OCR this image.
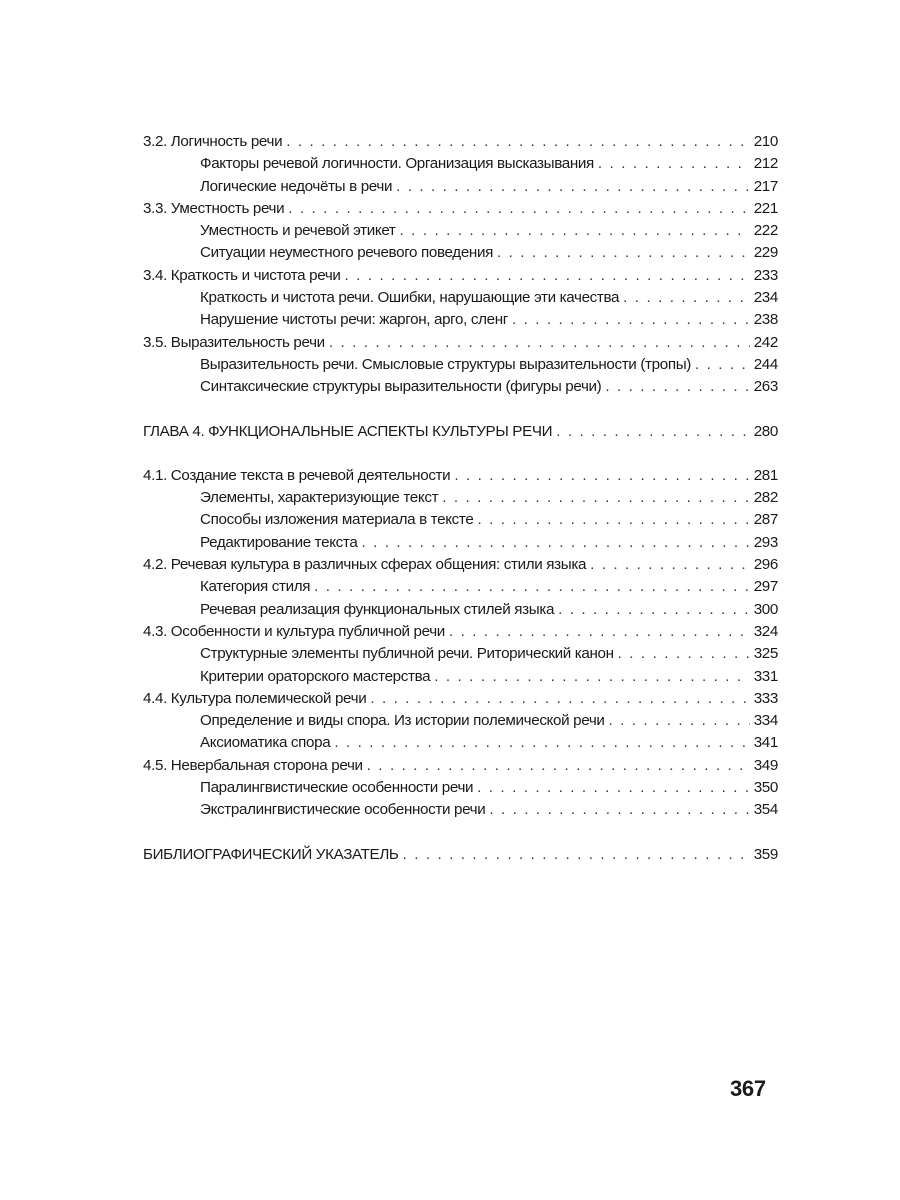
3.2. Логичность речи . . .	210
Факторы речевой логичности. Организация высказывания . . .	212
Логические недочёты в речи . . .	217
3.3. Уместность речи . . .	221
Уместность и речевой этикет . . .	222
Ситуации неуместного речевого поведения . . .	229
3.4. Краткость и чистота речи . . .	233
Краткость и чистота речи. Ошибки, нарушающие эти качества . . .	234
Нарушение чистоты речи: жаргон, арго, сленг . . .	238
3.5. Выразительность речи . . .	242
Выразительность речи. Смысловые структуры выразительности (тропы) . . .	244
Синтаксические структуры выразительности (фигуры речи) . . .	263
ГЛАВА 4. ФУНКЦИОНАЛЬНЫЕ АСПЕКТЫ КУЛЬТУРЫ РЕЧИ . . .	280
4.1. Создание текста в речевой деятельности . . .	281
Элементы, характеризующие текст . . .	282
Способы изложения материала в тексте . . .	287
Редактирование текста . . .	293
4.2. Речевая культура в различных сферах общения: стили языка . . .	296
Категория стиля . . .	297
Речевая реализация функциональных стилей языка . . .	300
4.3. Особенности и культура публичной речи . . .	324
Структурные элементы публичной речи. Риторический канон . . .	325
Критерии ораторского мастерства . . .	331
4.4. Культура полемической речи . . .	333
Определение и виды спора. Из истории полемической речи . . .	334
Аксиоматика спора . . .	341
4.5. Невербальная сторона речи . . .	349
Паралингвистические особенности речи . . .	350
Экстралингвистические особенности речи . . .	354
БИБЛИОГРАФИЧЕСКИЙ УКАЗАТЕЛЬ . . .	359
367
